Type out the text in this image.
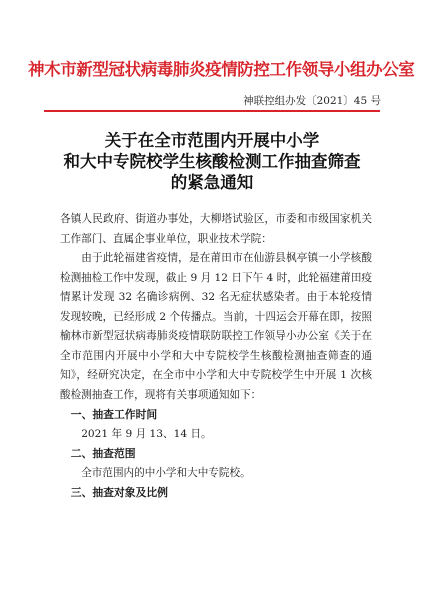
神木市新型冠状病毒肺炎疫情防控工作领导小组办公室
神联控组办发〔2021〕45 号
关于在全市范围内开展中小学
和大中专院校学生核酸检测工作抽查筛查
的紧急通知

各镇人民政府、街道办事处，大柳塔试验区，市委和市级国家机关工作部门、直属企事业单位，职业技术学院：

由于此轮福建省疫情，是在莆田市在仙游县枫亭镇一小学核酸检测抽检工作中发现，截止 9 月 12 日下午 4 时，此轮福建莆田疫情累计发现 32 名确诊病例、32 名无症状感染者。由于本轮疫情发现较晚，已经形成 2 个传播点。当前，十四运会开幕在即，按照榆林市新型冠状病毒肺炎疫情联防联控工作领导小办公室《关于在全市范围内开展中小学和大中专院校学生核酸检测抽查筛查的通知》，经研究决定，在全市中小学和大中专院校学生中开展 1 次核酸检测抽查工作，现将有关事项通知如下：

一、抽查工作时间

2021 年 9 月 13、14 日。

二、抽查范围

全市范围内的中小学和大中专院校。

三、抽查对象及比例
